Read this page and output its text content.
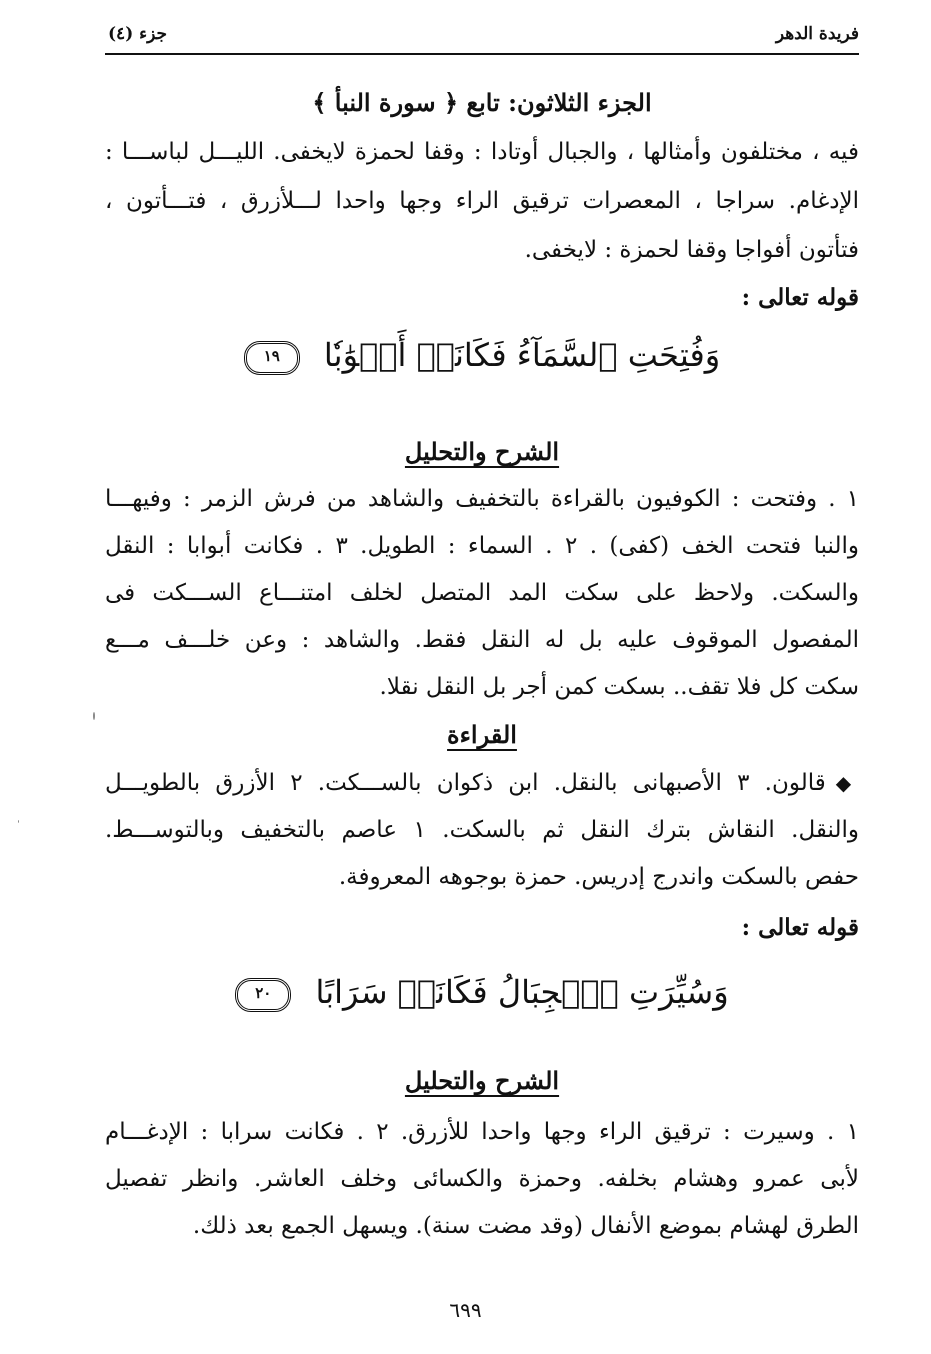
فريدة الدهر
جزء (٤)
الجزء الثلاثون: تابع ﴿ سورة النبأ ﴾
فيه ، مختلفون وأمثالها ، والجبال أوتادا : وقفا لحمزة لايخفى. الليـــل لباســـا :
الإدغام. سراجا ، المعصرات ترقيق الراء وجها واحدا لـــلأزرق ، فتـــأتون ،
فتأتون أفواجا وقفا لحمزة : لايخفى.
قوله تعالى :
وَفُتِحَتِ ٱلسَّمَآءُ فَكَانَتۡ أَبۡوَٰبٗا ١٩
الشرح والتحليل
١ . وفتحت : الكوفيون بالقراءة بالتخفيف والشاهد من فرش الزمر : وفيهـــا
والنبا فتحت الخف (كفى) . ٢ . السماء : الطويل. ٣ . فكانت أبوابا : النقل
والسكت. ولاحظ على سكت المد المتصل لخلف امتنـــاع الســـكت فى
المفصول الموقوف عليه بل له النقل فقط. والشاهد : وعن خلـــف مـــع
سكت كل فلا تقف.. بسكت كمن أجر بل النقل نقلا.
القراءة
◆قالون. ٣ الأصبهانى بالنقل. ابن ذكوان بالســـكت. ٢ الأزرق بالطويـــل
والنقل. النقاش بترك النقل ثم بالسكت. ١ عاصم بالتخفيف وبالتوســـط.
حفص بالسكت واندرج إدريس. حمزة بوجوهه المعروفة.
قوله تعالى :
وَسُيِّرَتِ ٱلۡجِبَالُ فَكَانَتۡ سَرَابًا ٢٠
الشرح والتحليل
١ . وسيرت : ترقيق الراء وجها واحدا للأزرق. ٢ . فكانت سرابا : الإدغـــام
لأبى عمرو وهشام بخلفه. وحمزة والكسائى وخلف العاشر. وانظر تفصيل
الطرق لهشام بموضع الأنفال (وقد مضت سنة). ويسهل الجمع بعد ذلك.
٦٩٩
